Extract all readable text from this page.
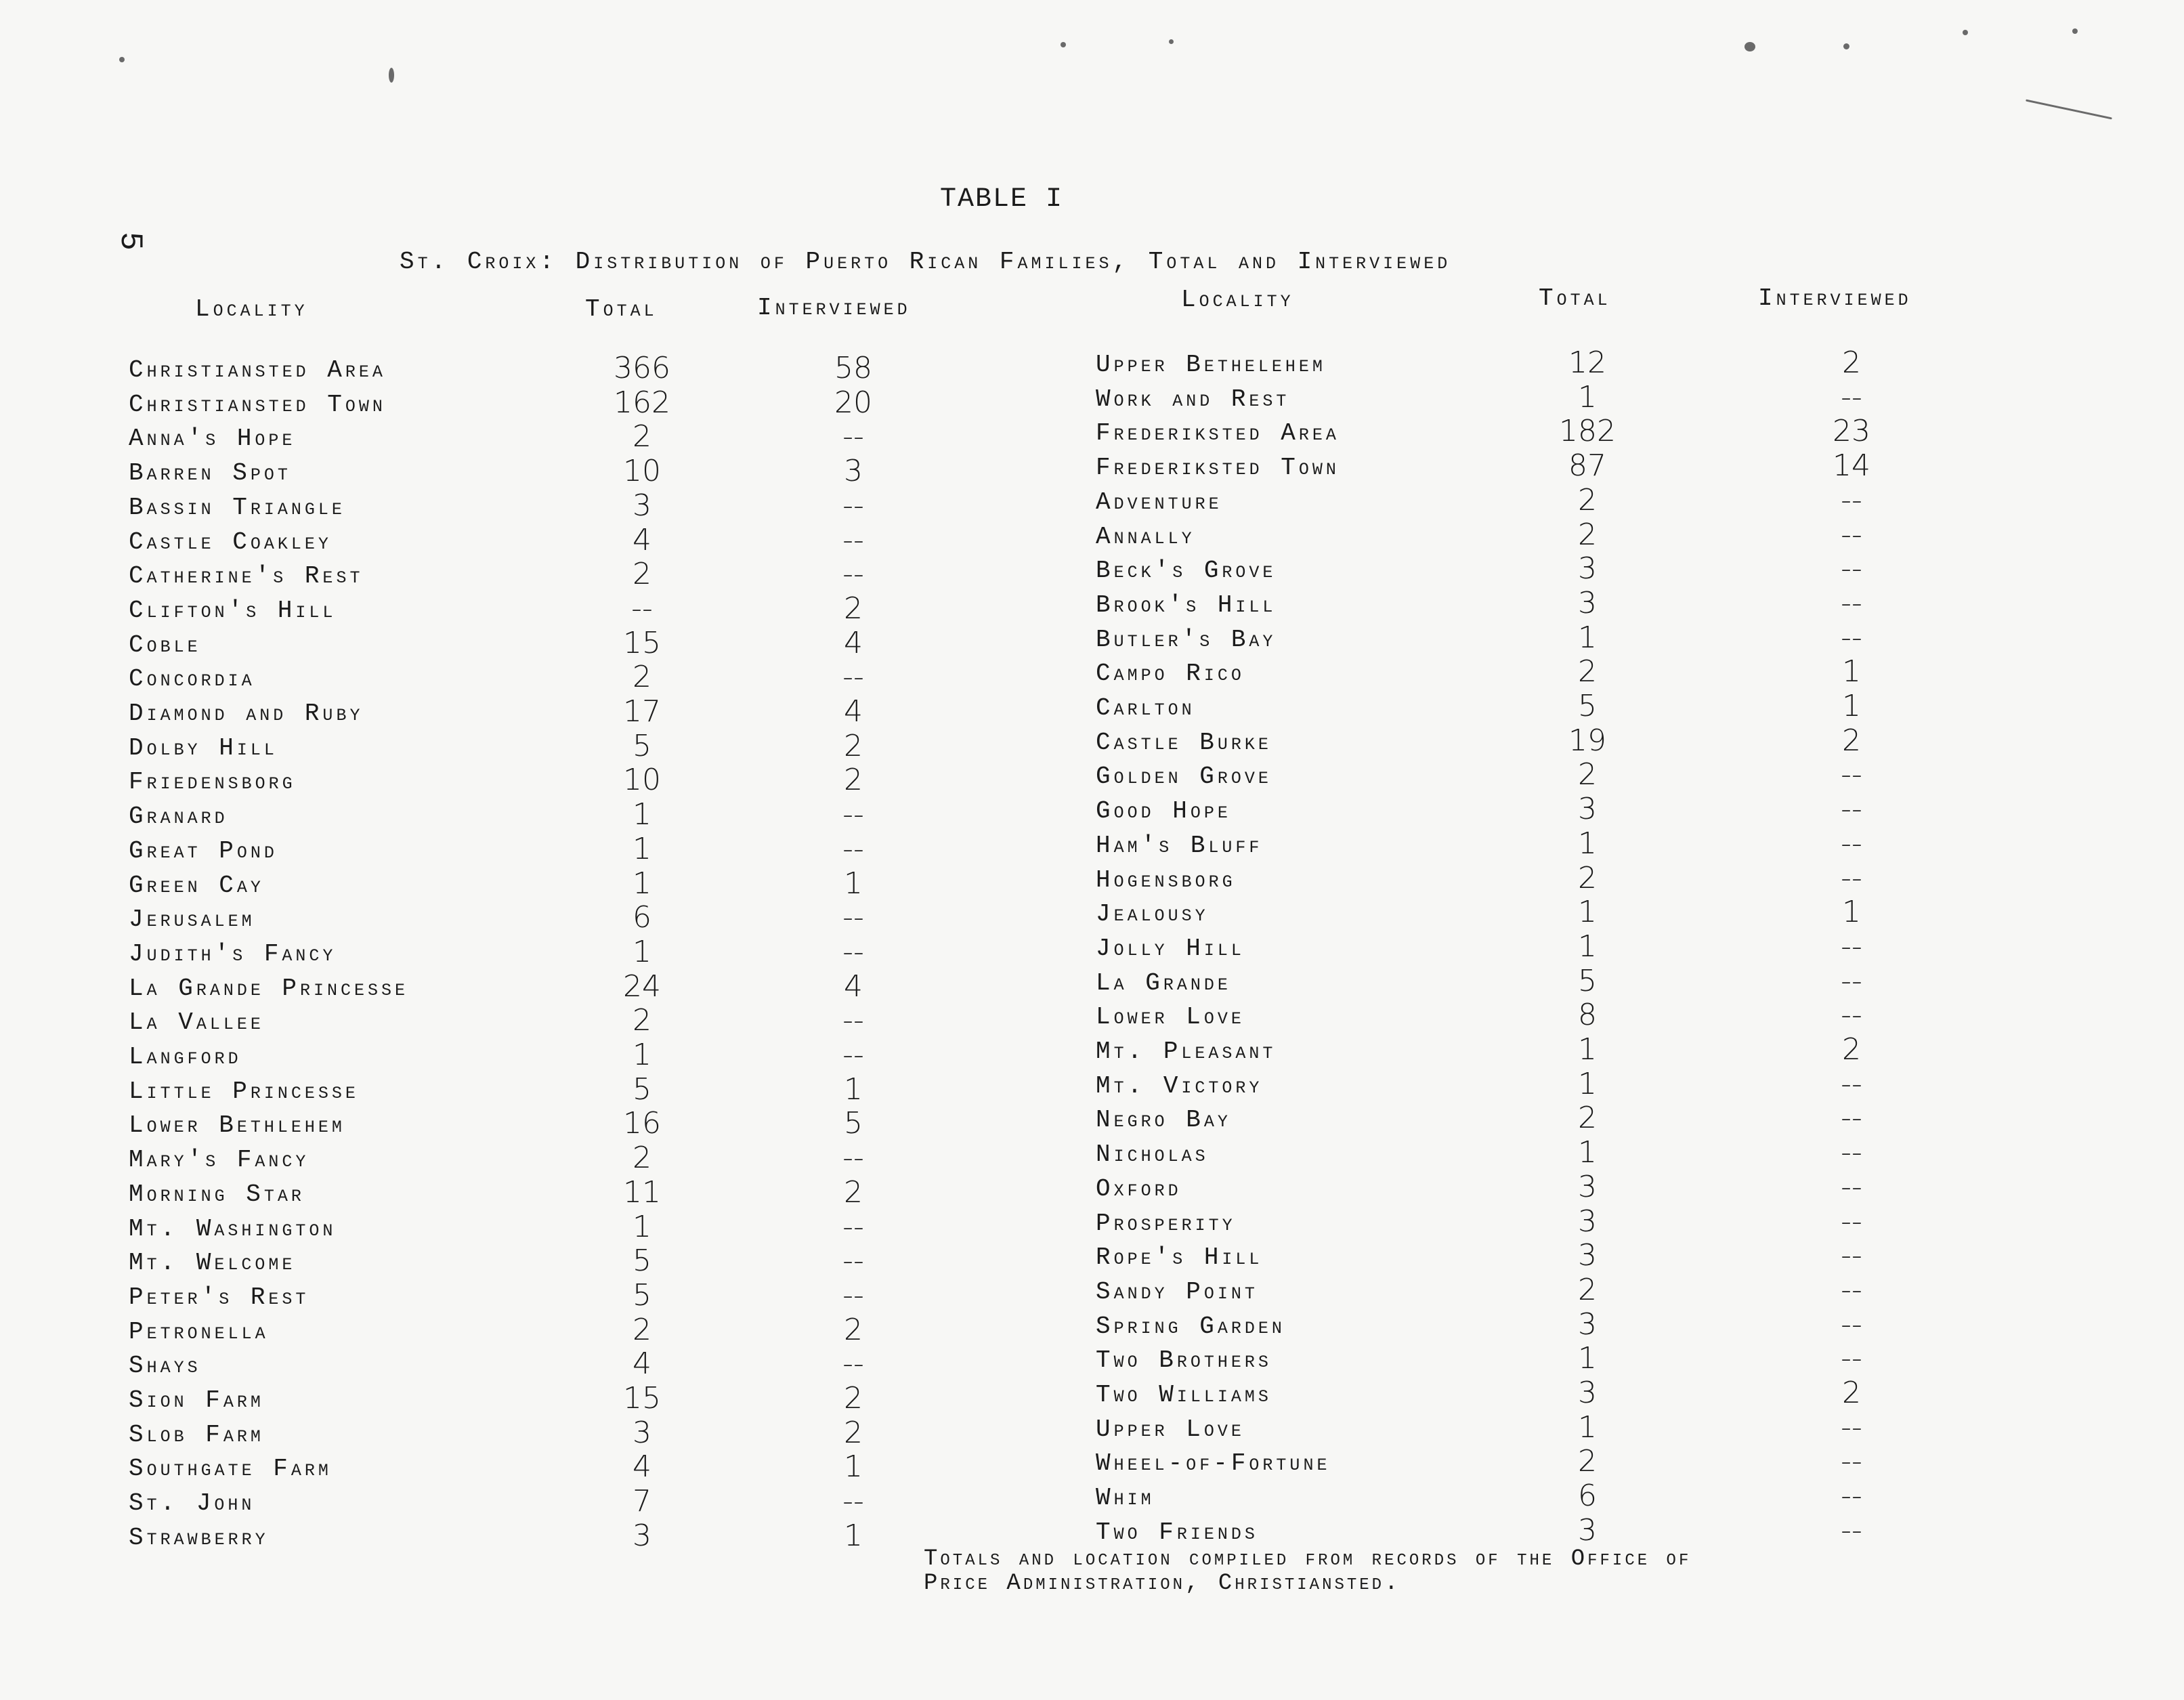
5
TABLE I
St. Croix: Distribution of Puerto Rican Families, Total and Interviewed
Locality	Total	Interviewed	Locality	Total	Interviewed
Christiansted Area	366	58
Christiansted Town	162	20
Anna's Hope	2	--
Barren Spot	10	3
Bassin Triangle	3	--
Castle Coakley	4	--
Catherine's Rest	2	--
Clifton's Hill	--	2
Coble	15	4
Concordia	2	--
Diamond and Ruby	17	4
Dolby Hill	5	2
Friedensborg	10	2
Granard	1	--
Great Pond	1	--
Green Cay	1	1
Jerusalem	6	--
Judith's Fancy	1	--
La Grande Princesse	24	4
La Vallee	2	--
Langford	1	--
Little Princesse	5	1
Lower Bethlehem	16	5
Mary's Fancy	2	--
Morning Star	11	2
Mt. Washington	1	--
Mt. Welcome	5	--
Peter's Rest	5	--
Petronella	2	2
Shays	4	--
Sion Farm	15	2
Slob Farm	3	2
Southgate Farm	4	1
St. John	7	--
Strawberry	3	1
Upper Bethelehem	12	2
Work and Rest	1	--
Frederiksted Area	182	23
Frederiksted Town	87	14
Adventure	2	--
Annally	2	--
Beck's Grove	3	--
Brook's Hill	3	--
Butler's Bay	1	--
Campo Rico	2	1
Carlton	5	1
Castle Burke	19	2
Golden Grove	2	--
Good Hope	3	--
Ham's Bluff	1	--
Hogensborg	2	--
Jealousy	1	1
Jolly Hill	1	--
La Grande	5	--
Lower Love	8	--
Mt. Pleasant	1	2
Mt. Victory	1	--
Negro Bay	2	--
Nicholas	1	--
Oxford	3	--
Prosperity	3	--
Rope's Hill	3	--
Sandy Point	2	--
Spring Garden	3	--
Two Brothers	1	--
Two Williams	3	2
Upper Love	1	--
Wheel-of-Fortune	2	--
Whim	6	--
Two Friends	3	--
Totals and location compiled from records of the Office of
Price Administration, Christiansted.
